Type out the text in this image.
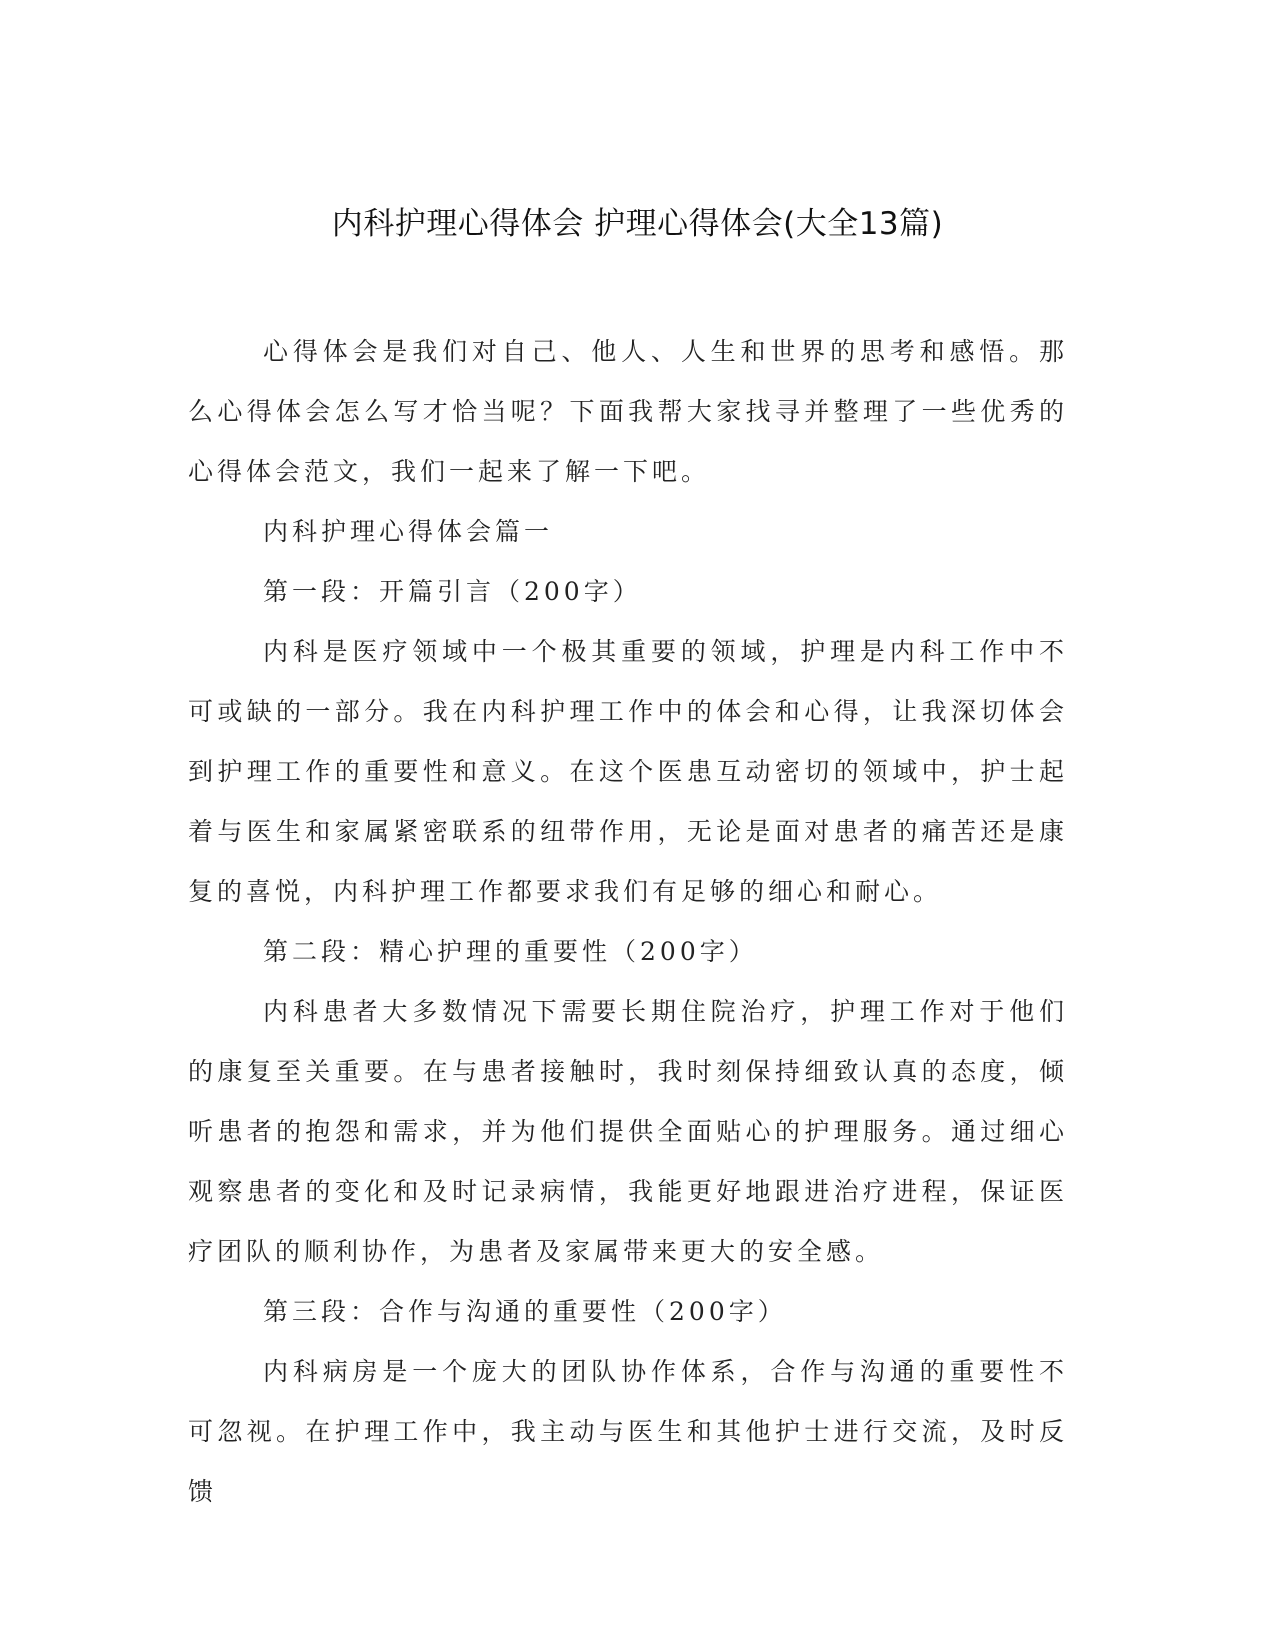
内科护理心得体会 护理心得体会(大全13篇)

心得体会是我们对自己、他人、人生和世界的思考和感悟。那么心得体会怎么写才恰当呢？下面我帮大家找寻并整理了一些优秀的心得体会范文，我们一起来了解一下吧。

内科护理心得体会篇一

第一段：开篇引言（200字）

内科是医疗领域中一个极其重要的领域，护理是内科工作中不可或缺的一部分。我在内科护理工作中的体会和心得，让我深切体会到护理工作的重要性和意义。在这个医患互动密切的领域中，护士起着与医生和家属紧密联系的纽带作用，无论是面对患者的痛苦还是康复的喜悦，内科护理工作都要求我们有足够的细心和耐心。

第二段：精心护理的重要性（200字）

内科患者大多数情况下需要长期住院治疗，护理工作对于他们的康复至关重要。在与患者接触时，我时刻保持细致认真的态度，倾听患者的抱怨和需求，并为他们提供全面贴心的护理服务。通过细心观察患者的变化和及时记录病情，我能更好地跟进治疗进程，保证医疗团队的顺利协作，为患者及家属带来更大的安全感。

第三段：合作与沟通的重要性（200字）

内科病房是一个庞大的团队协作体系，合作与沟通的重要性不可忽视。在护理工作中，我主动与医生和其他护士进行交流，及时反馈
